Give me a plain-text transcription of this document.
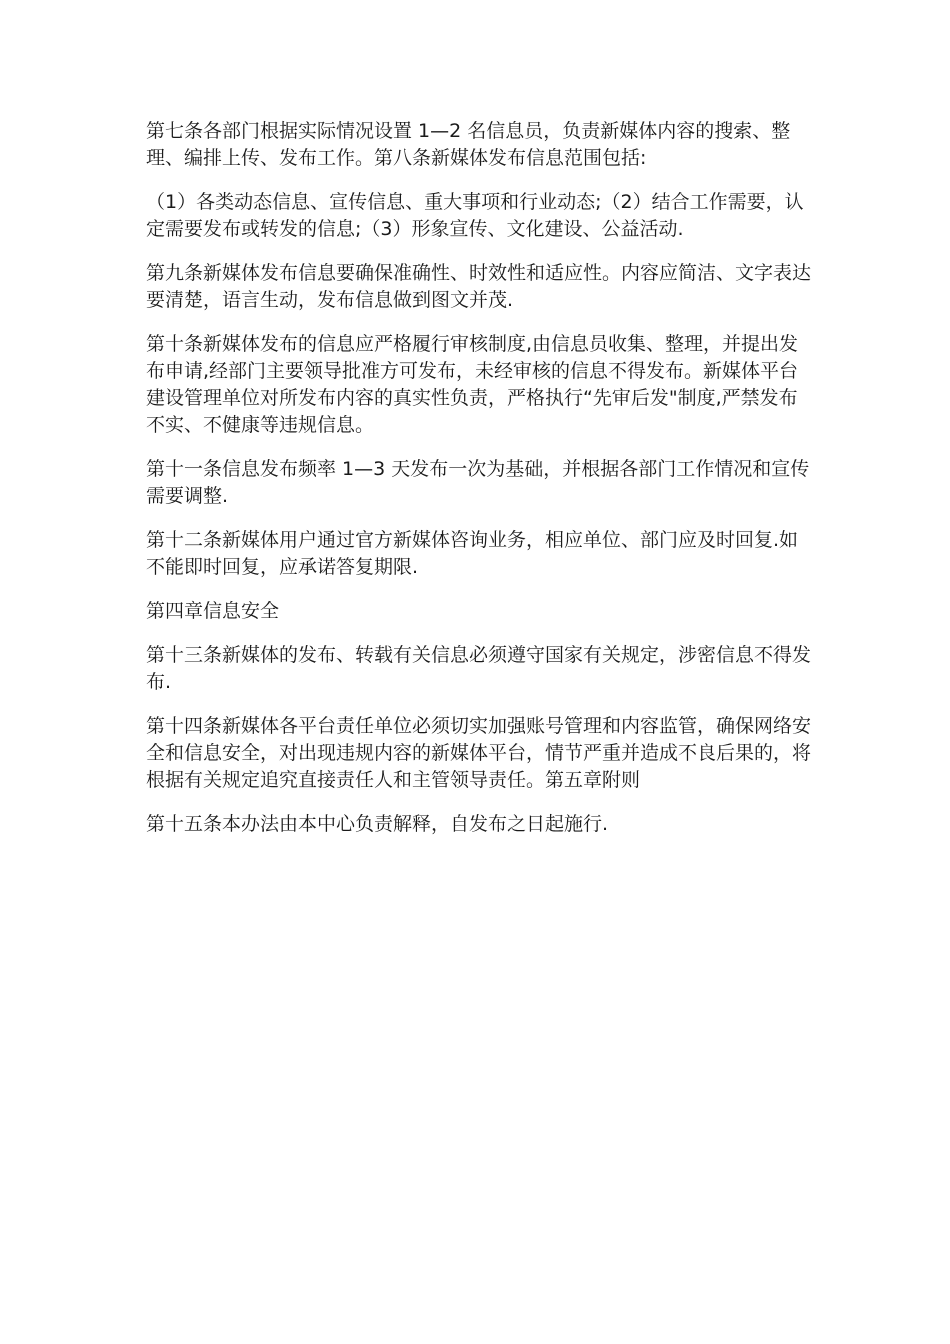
第七条各部门根据实际情况设置 1—2 名信息员，负责新媒体内容的搜索、整理、编排上传、发布工作。第八条新媒体发布信息范围包括:

（1）各类动态信息、宣传信息、重大事项和行业动态;（2）结合工作需要，认定需要发布或转发的信息;（3）形象宣传、文化建设、公益活动.

第九条新媒体发布信息要确保准确性、时效性和适应性。内容应简洁、文字表达要清楚，语言生动，发布信息做到图文并茂.

第十条新媒体发布的信息应严格履行审核制度,由信息员收集、整理，并提出发布申请,经部门主要领导批准方可发布，未经审核的信息不得发布。新媒体平台建设管理单位对所发布内容的真实性负责，严格执行“先审后发"制度,严禁发布不实、不健康等违规信息。

第十一条信息发布频率 1—3 天发布一次为基础，并根据各部门工作情况和宣传需要调整.

第十二条新媒体用户通过官方新媒体咨询业务，相应单位、部门应及时回复.如不能即时回复，应承诺答复期限.

第四章信息安全

第十三条新媒体的发布、转载有关信息必须遵守国家有关规定，涉密信息不得发布.

第十四条新媒体各平台责任单位必须切实加强账号管理和内容监管，确保网络安全和信息安全，对出现违规内容的新媒体平台，情节严重并造成不良后果的，将根据有关规定追究直接责任人和主管领导责任。第五章附则

第十五条本办法由本中心负责解释，自发布之日起施行.
